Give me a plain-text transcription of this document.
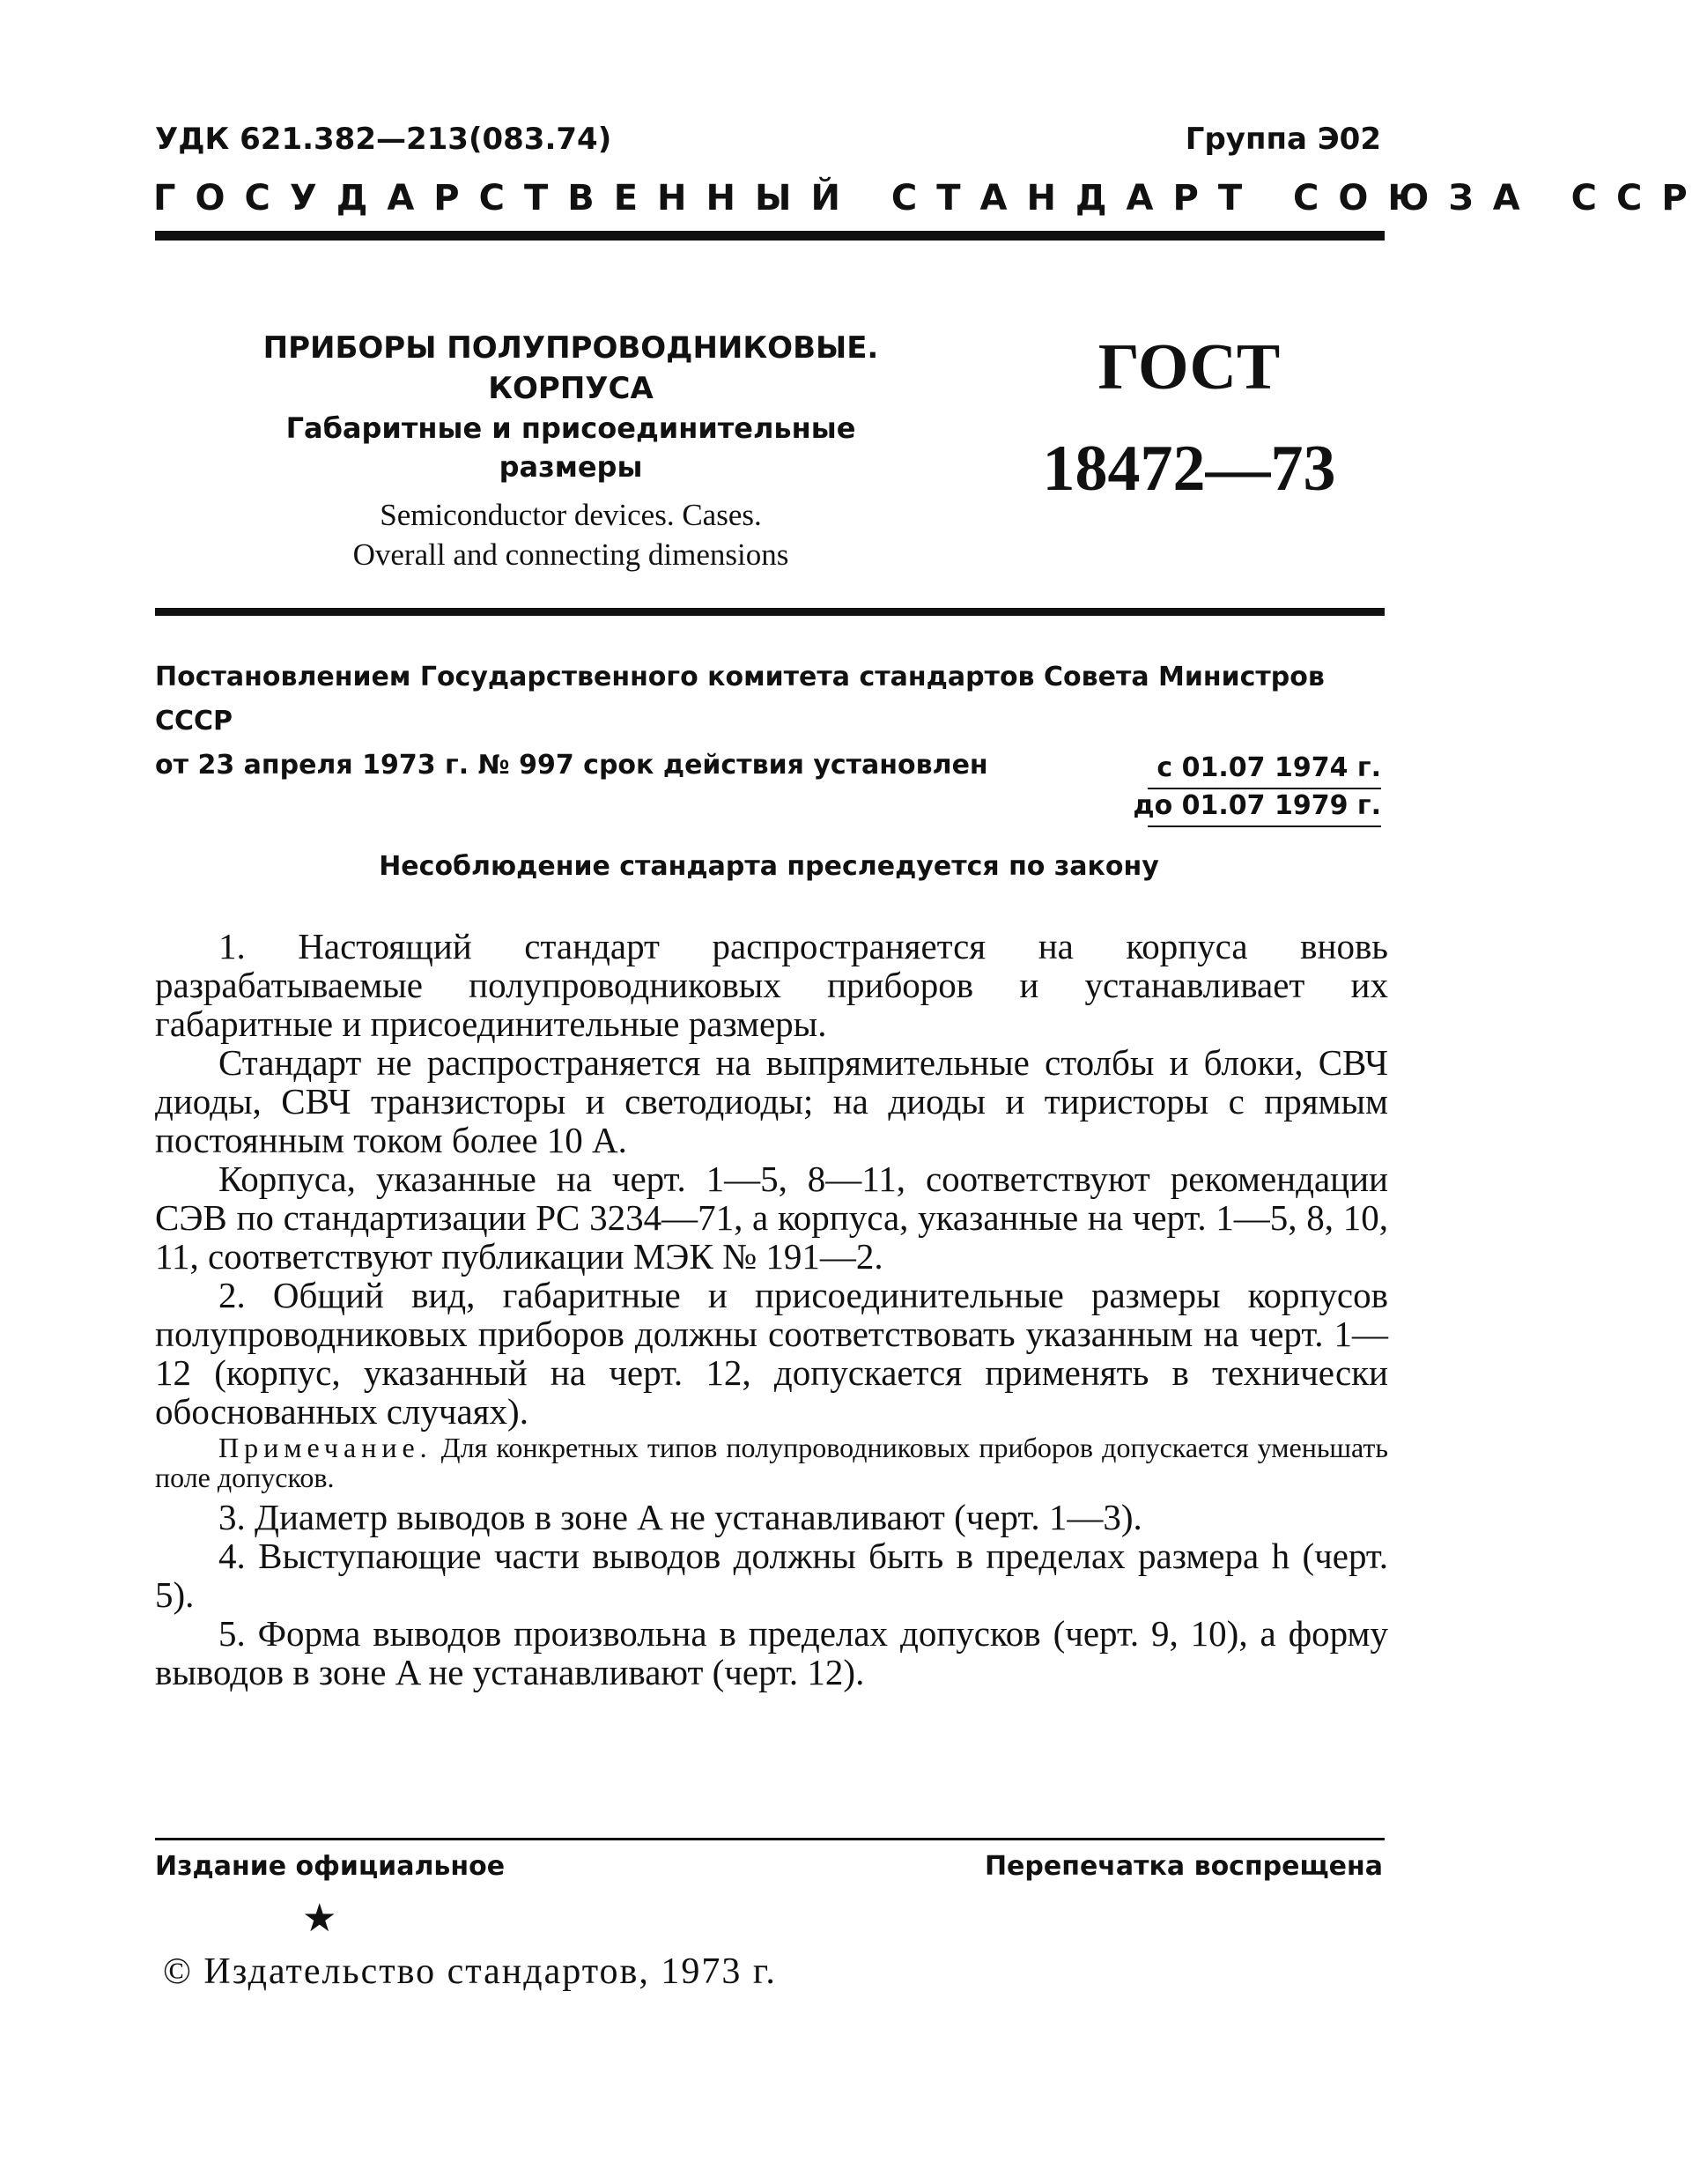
УДК 621.382—213(083.74)	Группа Э02
ГОСУДАРСТВЕННЫЙ СТАНДАРТ СОЮЗА ССР
ПРИБОРЫ ПОЛУПРОВОДНИКОВЫЕ. КОРПУСА
Габаритные и присоединительные
размеры
Semiconductor devices. Cases.
Overall and connecting dimensions
ГОСТ
18472—73
Постановлением Государственного комитета стандартов Совета Министров СССР
от 23 апреля 1973 г. № 997 срок действия установлен	с 01.07 1974 г.
до 01.07 1979 г.
Несоблюдение стандарта преследуется по закону

1. Настоящий стандарт распространяется на корпуса вновь разрабатываемые полупроводниковых приборов и устанавливает их габаритные и присоединительные размеры.

Стандарт не распространяется на выпрямительные столбы и блоки, СВЧ диоды, СВЧ транзисторы и светодиоды; на диоды и тиристоры с прямым постоянным током более 10 А.

Корпуса, указанные на черт. 1—5, 8—11, соответствуют рекомендации СЭВ по стандартизации PC 3234—71, а корпуса, указанные на черт. 1—5, 8, 10, 11, соответствуют публикации МЭК № 191—2.

2. Общий вид, габаритные и присоединительные размеры корпусов полупроводниковых приборов должны соответствовать указанным на черт. 1—12 (корпус, указанный на черт. 12, допускается применять в технически обоснованных случаях).

Примечание. Для конкретных типов полупроводниковых приборов допускается уменьшать поле допусков.

3. Диаметр выводов в зоне A не устанавливают (черт. 1—3).

4. Выступающие части выводов должны быть в пределах размера h (черт. 5).

5. Форма выводов произвольна в пределах допусков (черт. 9, 10), а форму выводов в зоне A не устанавливают (черт. 12).

Издание официальное	Перепечатка воспрещена
★
© Издательство стандартов, 1973 г.
